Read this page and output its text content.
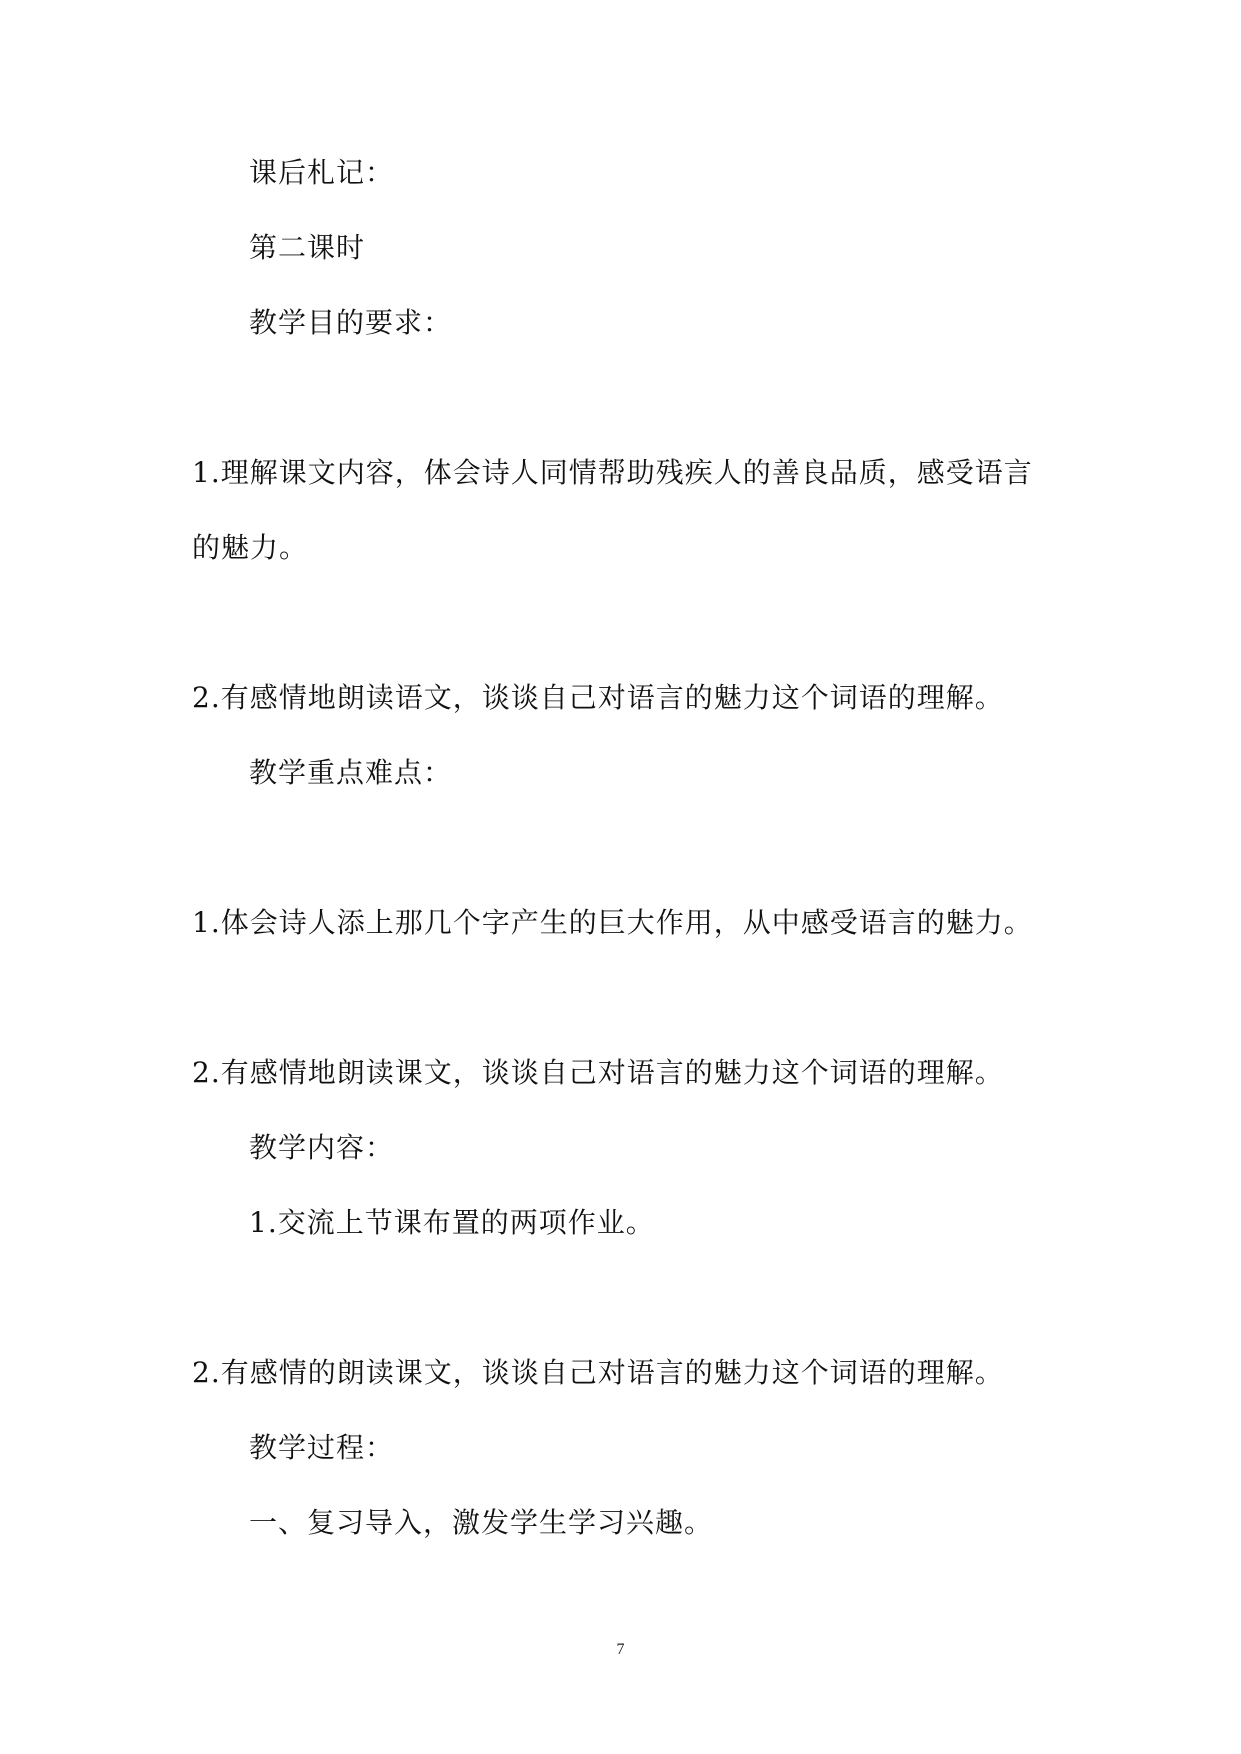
课后札记：
第二课时
教学目的要求：
1.理解课文内容，体会诗人同情帮助残疾人的善良品质，感受语言
的魅力。
2.有感情地朗读语文，谈谈自己对语言的魅力这个词语的理解。
教学重点难点：
1.体会诗人添上那几个字产生的巨大作用，从中感受语言的魅力。
2.有感情地朗读课文，谈谈自己对语言的魅力这个词语的理解。
教学内容：
1.交流上节课布置的两项作业。
2.有感情的朗读课文，谈谈自己对语言的魅力这个词语的理解。
教学过程：
一、复习导入，激发学生学习兴趣。
7
